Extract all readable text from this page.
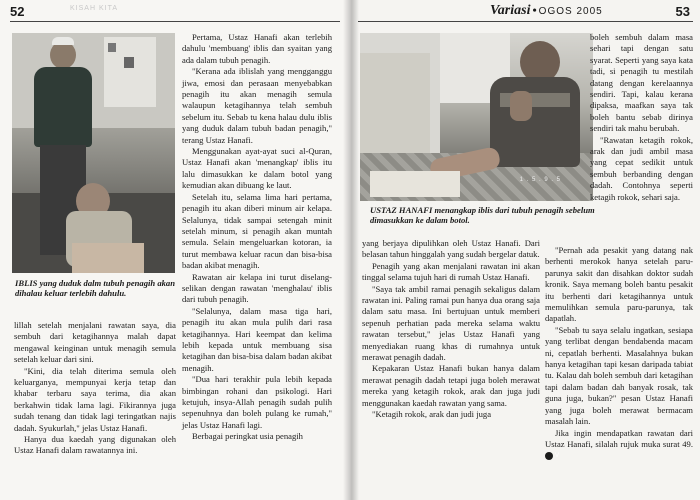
52	KISAH KITA
IBLIS yang duduk dalm tubuh penagih akan dihalau keluar terlebih dahulu.

lillah setelah menjalani rawatan saya, dia sembuh dari ketagihannya malah dapat mengawal keinginan untuk menagih semula setelah keluar dari sini.

"Kini, dia telah diterima semula oleh keluarganya, mempunyai kerja tetap dan khabar terbaru saya terima, dia akan berkahwin tidak lama lagi. Fikirannya juga sudah tenang dan tidak lagi teringatkan najis dadah. Syukurlah," jelas Ustaz Hanafi.

Hanya dua kaedah yang digunakan oleh Ustaz Hanafi dalam rawatannya ini.

Pertama, Ustaz Hanafi akan terlebih dahulu 'membuang' iblis dan syaitan yang ada dalam tubuh penagih.

"Kerana ada iblislah yang mengganggu jiwa, emosi dan perasaan menyebabkan penagih itu akan menagih semula walaupun ketagihannya telah sembuh sebelum itu. Sebab tu kena halau dulu iblis yang duduk dalam tubuh badan penagih," terang Ustaz Hanafi.

Menggunakan ayat-ayat suci al-Quran, Ustaz Hanafi akan 'menangkap' iblis itu lalu dimasukkan ke dalam botol yang kemudian akan dibuang ke laut.

Setelah itu, selama lima hari pertama, penagih itu akan diberi minum air kelapa. Selalunya, tidak sampai setengah minit setelah minum, si penagih akan muntah semula. Selain mengeluarkan kotoran, ia turut membawa keluar racun dan bisa-bisa badan akibat menagih.

Rawatan air kelapa ini turut diselang-selikan dengan rawatan 'menghalau' iblis dari tubuh penagih.

"Selalunya, dalam masa tiga hari, penagih itu akan mula pulih dari rasa ketagihannya. Hari keempat dan kelima lebih kepada untuk membuang sisa ketagihan dan bisa-bisa dalam badan akibat menagih.

"Dua hari terakhir pula lebih kepada bimbingan rohani dan psikologi. Hari ketujuh, insya-Allah penagih sudah pulih sepenuhnya dan boleh pulang ke rumah," jelas Ustaz Hanafi lagi.

Berbagai peringkat usia penagih

Variasi • OGOS 2005	53
1 . 5 . 9 . 5
USTAZ HANAFI menangkap iblis dari tubuh penagih sebelum dimasukkan ke dalam botol.

boleh sembuh dalam masa sehari tapi dengan satu syarat. Seperti yang saya kata tadi, si penagih tu mestilah datang dengan kerelaannya sendiri. Tapi, kalau kerana dipaksa, maafkan saya tak boleh bantu sebab dirinya sendiri tak mahu berubah.

"Rawatan ketagih rokok, arak dan judi ambil masa yang cepat sedikit untuk sembuh berbanding dengan dadah. Contohnya seperti ketagih rokok, sehari saja.

yang berjaya dipulihkan oleh Ustaz Hanafi. Dari belasan tahun hinggalah yang sudah bergelar datuk.

Penagih yang akan menjalani rawatan ini akan tinggal selama tujuh hari di rumah Ustaz Hanafi.

"Saya tak ambil ramai penagih sekaligus dalam rawatan ini. Paling ramai pun hanya dua orang saja dalam satu masa. Ini bertujuan untuk memberi sepenuh perhatian pada mereka selama waktu rawatan tersebut," jelas Ustaz Hanafi yang menyediakan ruang khas di rumahnya untuk merawat penagih dadah.

Kepakaran Ustaz Hanafi bukan hanya dalam merawat penagih dadah tetapi juga boleh merawat mereka yang ketagih rokok, arak dan juga judi menggunakan kaedah rawatan yang sama.

"Ketagih rokok, arak dan judi juga

"Pernah ada pesakit yang datang nak berhenti merokok hanya setelah paru-parunya sakit dan disahkan doktor sudah kronik. Saya memang boleh bantu pesakit itu berhenti dari ketagihannya untuk memulihkan semula paru-parunya, tak dapatlah.

"Sebab tu saya selalu ingatkan, sesiapa yang terlibat dengan bendabenda macam ni, cepatlah berhenti. Masalahnya bukan hanya ketagihan tapi kesan daripada tabiat tu. Kalau dah boleh sembuh dari ketagihan tapi dalam badan dah banyak rosak, tak guna juga, bukan?" pesan Ustaz Hanafi yang juga boleh merawat bermacam masalah lain.

Jika ingin mendapatkan rawatan dari Ustaz Hanafi, silalah rujuk muka surat 49. V
